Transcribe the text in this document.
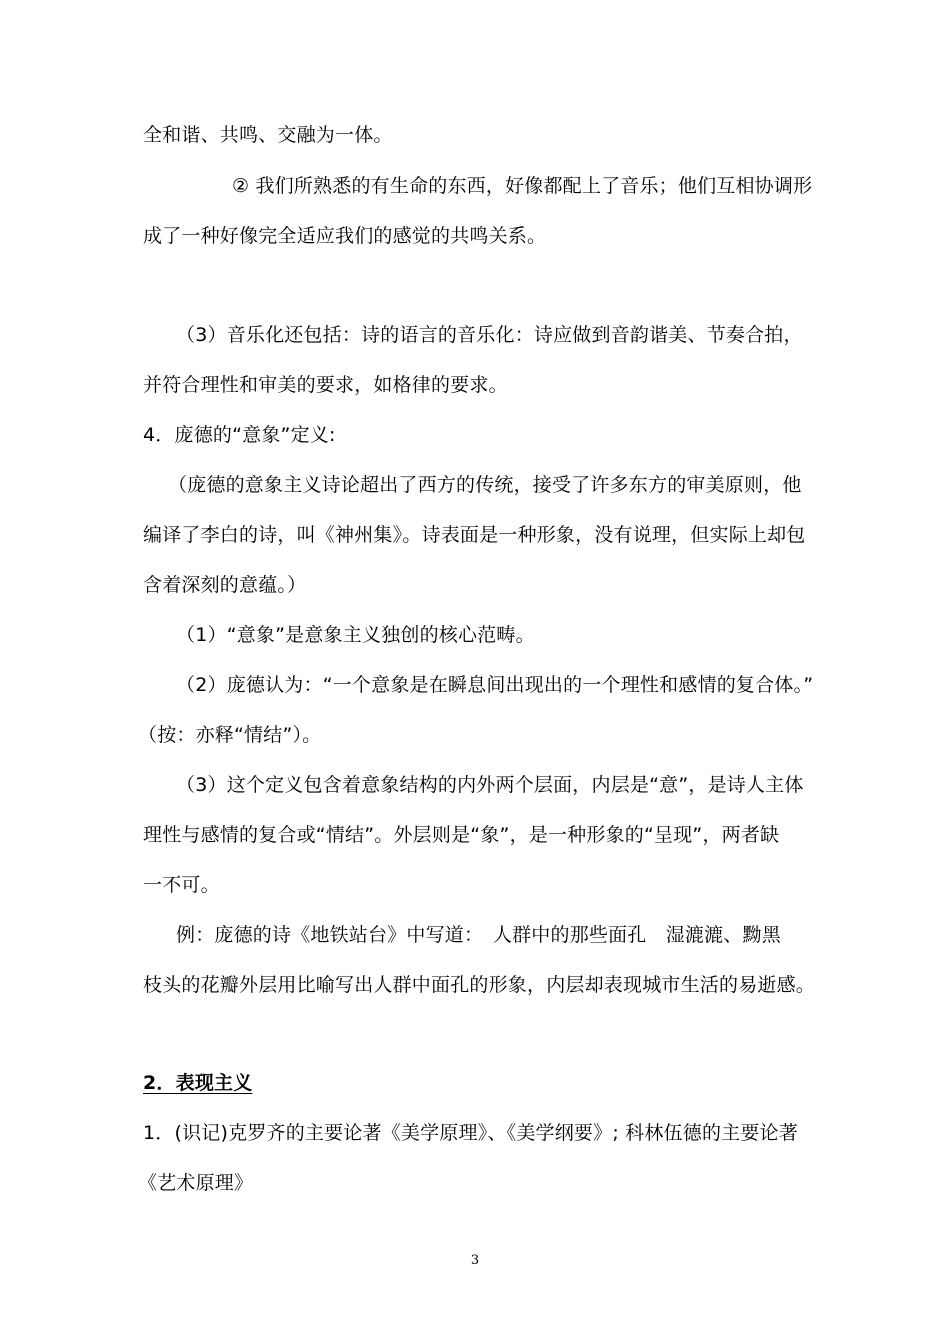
全和谐、共鸣、交融为一体。
② 我们所熟悉的有生命的东西，好像都配上了音乐；他们互相协调形
成了一种好像完全适应我们的感觉的共鸣关系。
（3）音乐化还包括：诗的语言的音乐化：诗应做到音韵谐美、节奏合拍，
并符合理性和审美的要求，如格律的要求。
4．庞德的“意象”定义:
（庞德的意象主义诗论超出了西方的传统，接受了许多东方的审美原则，他
编译了李白的诗，叫《神州集》。诗表面是一种形象，没有说理，但实际上却包
含着深刻的意蕴。）
（1）“意象”是意象主义独创的核心范畴。
（2）庞德认为：“一个意象是在瞬息间出现出的一个理性和感情的复合体。”
（按：亦释“情结”）。
（3）这个定义包含着意象结构的内外两个层面，内层是“意”，是诗人主体
理性与感情的复合或“情结”。外层则是“象”，是一种形象的“呈现”，两者缺
一不可。
例：庞德的诗《地铁站台》中写道：　人群中的那些面孔　湿漉漉、黝黑
枝头的花瓣外层用比喻写出人群中面孔的形象，内层却表现城市生活的易逝感。
2．表现主义
1．(识记)克罗齐的主要论著《美学原理》、《美学纲要》; 科林伍德的主要论著
《艺术原理》
3
